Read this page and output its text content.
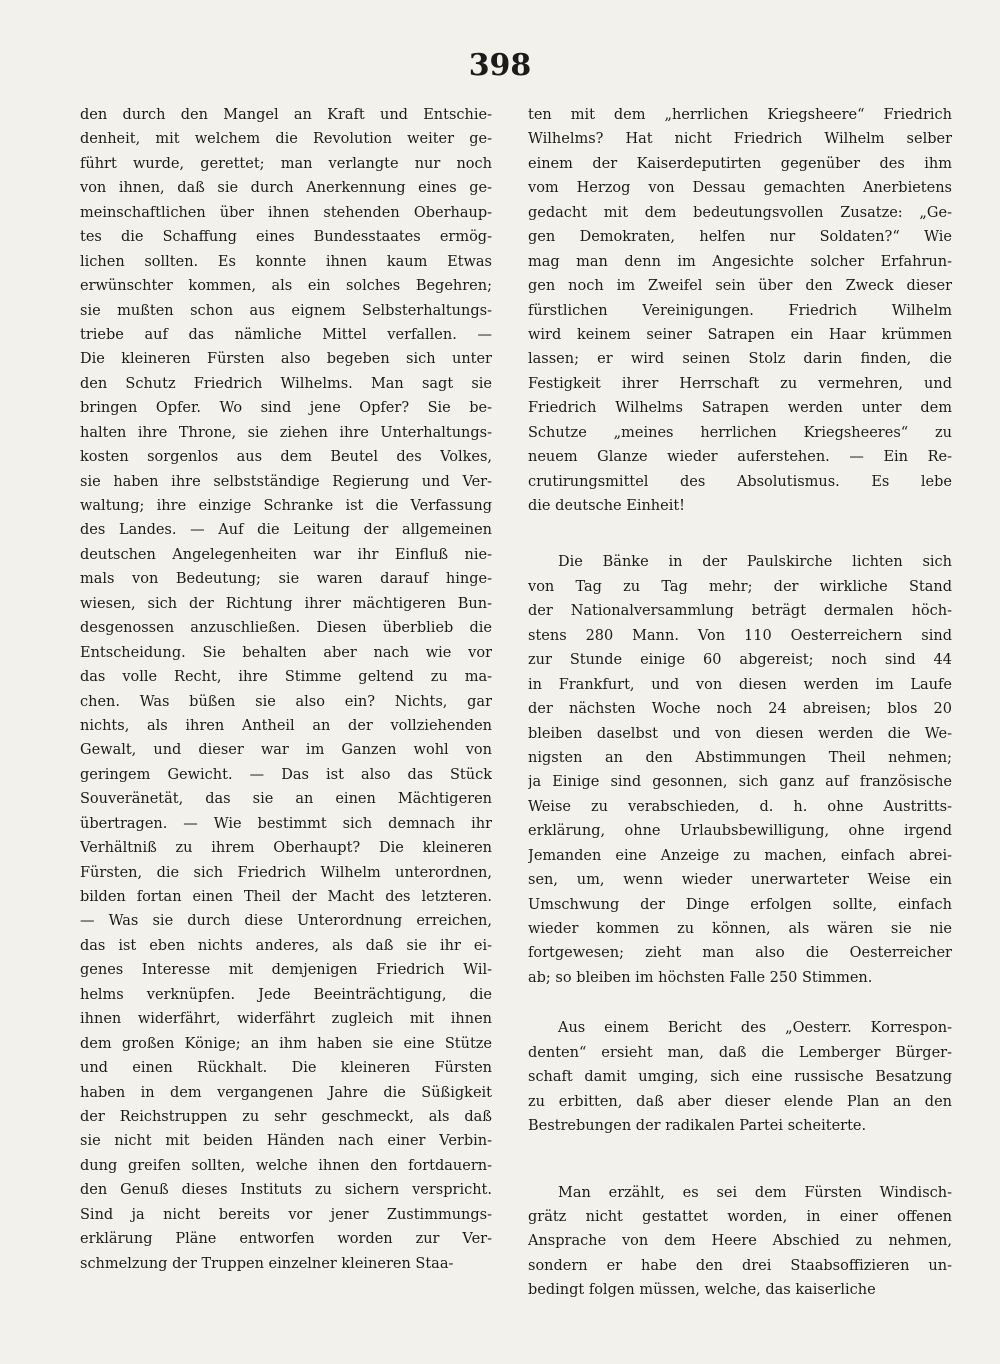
398
den durch den Mangel an Kraft und Entschie-
denheit, mit welchem die Revolution weiter ge-
führt wurde, gerettet; man verlangte nur noch
von ihnen, daß sie durch Anerkennung eines ge-
meinschaftlichen über ihnen stehenden Oberhaup-
tes die Schaffung eines Bundesstaates ermög-
lichen sollten. Es konnte ihnen kaum Etwas
erwünschter kommen, als ein solches Begehren;
sie mußten schon aus eignem Selbsterhaltungs-
triebe auf das nämliche Mittel verfallen. —
Die kleineren Fürsten also begeben sich unter
den Schutz Friedrich Wilhelms. Man sagt sie
bringen Opfer. Wo sind jene Opfer? Sie be-
halten ihre Throne, sie ziehen ihre Unterhaltungs-
kosten sorgenlos aus dem Beutel des Volkes,
sie haben ihre selbstständige Regierung und Ver-
waltung; ihre einzige Schranke ist die Verfassung
des Landes. — Auf die Leitung der allgemeinen
deutschen Angelegenheiten war ihr Einfluß nie-
mals von Bedeutung; sie waren darauf hinge-
wiesen, sich der Richtung ihrer mächtigeren Bun-
desgenossen anzuschließen. Diesen überblieb die
Entscheidung. Sie behalten aber nach wie vor
das volle Recht, ihre Stimme geltend zu ma-
chen. Was büßen sie also ein? Nichts, gar
nichts, als ihren Antheil an der vollziehenden
Gewalt, und dieser war im Ganzen wohl von
geringem Gewicht. — Das ist also das Stück
Souveränetät, das sie an einen Mächtigeren
übertragen. — Wie bestimmt sich demnach ihr
Verhältniß zu ihrem Oberhaupt? Die kleineren
Fürsten, die sich Friedrich Wilhelm unterordnen,
bilden fortan einen Theil der Macht des letzteren.
— Was sie durch diese Unterordnung erreichen,
das ist eben nichts anderes, als daß sie ihr ei-
genes Interesse mit demjenigen Friedrich Wil-
helms verknüpfen. Jede Beeinträchtigung, die
ihnen widerfährt, widerfährt zugleich mit ihnen
dem großen Könige; an ihm haben sie eine Stütze
und einen Rückhalt. Die kleineren Fürsten
haben in dem vergangenen Jahre die Süßigkeit
der Reichstruppen zu sehr geschmeckt, als daß
sie nicht mit beiden Händen nach einer Verbin-
dung greifen sollten, welche ihnen den fortdauern-
den Genuß dieses Instituts zu sichern verspricht.
Sind ja nicht bereits vor jener Zustimmungs-
erklärung Pläne entworfen worden zur Ver-
schmelzung der Truppen einzelner kleineren Staa-
ten mit dem „herrlichen Kriegsheere“ Friedrich
Wilhelms? Hat nicht Friedrich Wilhelm selber
einem der Kaiserdeputirten gegenüber des ihm
vom Herzog von Dessau gemachten Anerbietens
gedacht mit dem bedeutungsvollen Zusatze: „Ge-
gen Demokraten, helfen nur Soldaten?“ Wie
mag man denn im Angesichte solcher Erfahrun-
gen noch im Zweifel sein über den Zweck dieser
fürstlichen Vereinigungen. Friedrich Wilhelm
wird keinem seiner Satrapen ein Haar krümmen
lassen; er wird seinen Stolz darin finden, die
Festigkeit ihrer Herrschaft zu vermehren, und
Friedrich Wilhelms Satrapen werden unter dem
Schutze „meines herrlichen Kriegsheeres“ zu
neuem Glanze wieder auferstehen. — Ein Re-
crutirungsmittel des Absolutismus. Es lebe
die deutsche Einheit!
Die Bänke in der Paulskirche lichten sich
von Tag zu Tag mehr; der wirkliche Stand
der Nationalversammlung beträgt dermalen höch-
stens 280 Mann. Von 110 Oesterreichern sind
zur Stunde einige 60 abgereist; noch sind 44
in Frankfurt, und von diesen werden im Laufe
der nächsten Woche noch 24 abreisen; blos 20
bleiben daselbst und von diesen werden die We-
nigsten an den Abstimmungen Theil nehmen;
ja Einige sind gesonnen, sich ganz auf französische
Weise zu verabschieden, d. h. ohne Austritts-
erklärung, ohne Urlaubsbewilligung, ohne irgend
Jemanden eine Anzeige zu machen, einfach abrei-
sen, um, wenn wieder unerwarteter Weise ein
Umschwung der Dinge erfolgen sollte, einfach
wieder kommen zu können, als wären sie nie
fortgewesen; zieht man also die Oesterreicher
ab; so bleiben im höchsten Falle 250 Stimmen.
Aus einem Bericht des „Oesterr. Korrespon-
denten“ ersieht man, daß die Lemberger Bürger-
schaft damit umging, sich eine russische Besatzung
zu erbitten, daß aber dieser elende Plan an den
Bestrebungen der radikalen Partei scheiterte.
Man erzählt, es sei dem Fürsten Windisch-
grätz nicht gestattet worden, in einer offenen
Ansprache von dem Heere Abschied zu nehmen,
sondern er habe den drei Staabsoffizieren un-
bedingt folgen müssen, welche, das kaiserliche
